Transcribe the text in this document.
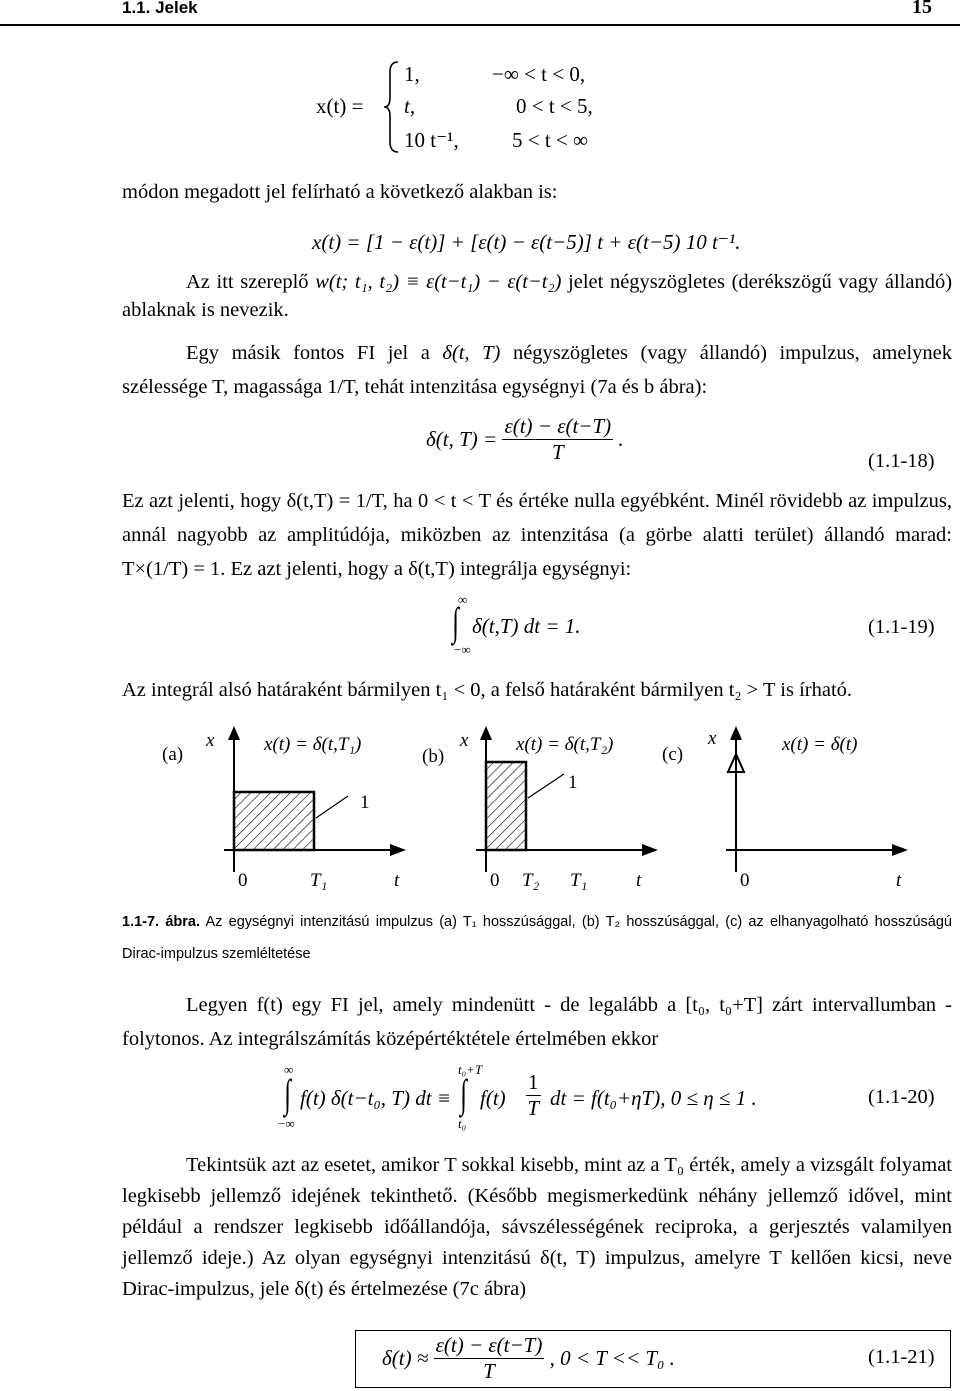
1.1. Jelek	15
x(t) =
1,	−∞ < t < 0,
t,	0 < t < 5,
10 t⁻¹,	5 < t < ∞
módon megadott jel felírható a következő alakban is:
x(t) = [1 − ε(t)] + [ε(t) − ε(t−5)] t + ε(t−5) 10 t⁻¹.
Az itt szereplő w(t; t₁, t₂) ≡ ε(t−t₁) − ε(t−t₂) jelet négyszögletes (derékszögű vagy állandó) ablaknak is nevezik.
Egy másik fontos FI jel a δ(t, T) négyszögletes (vagy állandó) impulzus, amelynek szélessége T, magassága 1/T, tehát intenzitása egységnyi (7a és b ábra):
δ(t, $T) = \frac{\varepsilon(t) - \varepsilon(t-T)}{T}$ .
(1.1-18)
Ez azt jelenti, hogy δ(t,T) = 1/T, ha 0 < t < T és értéke nulla egyébként. Minél rövidebb az impulzus, annál nagyobb az amplitúdója, miközben az intenzitása (a görbe alatti terület) állandó marad: T×(1/T) = 1. Ez azt jelenti, hogy a δ(t,T) integrálja egységnyi:
∞
∫
−∞
δ(t,T) dt = 1.	(1.1-19)
Az integrál alsó határaként bármilyen t₁ < 0, a felső határaként bármilyen t₂ > T is írható.
(a)
x	x(t) = δ(t,T₁)
1
0	T₁	t
(b)
x	x(t) = δ(t,T₂)
1
0 T₂ T₁	t
(c)
x	x(t) = δ(t)
0	t
1.1-7. ábra. Az egységnyi intenzitású impulzus (a) T₁ hosszúsággal, (b) T₂ hosszúsággal, (c) az elhanyagolható hosszúságú Dirac-impulzus szemléltetése
Legyen f(t) egy FI jel, amely mindenütt - de legalább a [t₀, t₀+T] zárt intervallumban - folytonos. Az integrálszámítás középértéktétele értelmében ekkor
∞
∫
−∞
f(t) δ(t−t₀, T) dt ≡
t₀+T
∫
t₀
$f(t) \frac{1}{T}$ dt = f(t₀+ηT), 0 ≤ η ≤ 1 .	(1.1-20)
Tekintsük azt az esetet, amikor T sokkal kisebb, mint az a T₀ érték, amely a vizsgált folyamat legkisebb jellemző idejének tekinthető. (Később megismerkedünk néhány jellemző idővel, mint például a rendszer legkisebb időállandója, sávszélességének reciproka, a gerjesztés valamilyen jellemző ideje.) Az olyan egységnyi intenzitású δ(t, T) impulzus, amelyre T kellően kicsi, neve Dirac-impulzus, jele δ(t) és értelmezése (7c ábra)
$\delta(t) \approx \frac{\varepsilon(t) - \varepsilon(t-T)}{T}$ , 0 < T << T₀ .	(1.1-21)
